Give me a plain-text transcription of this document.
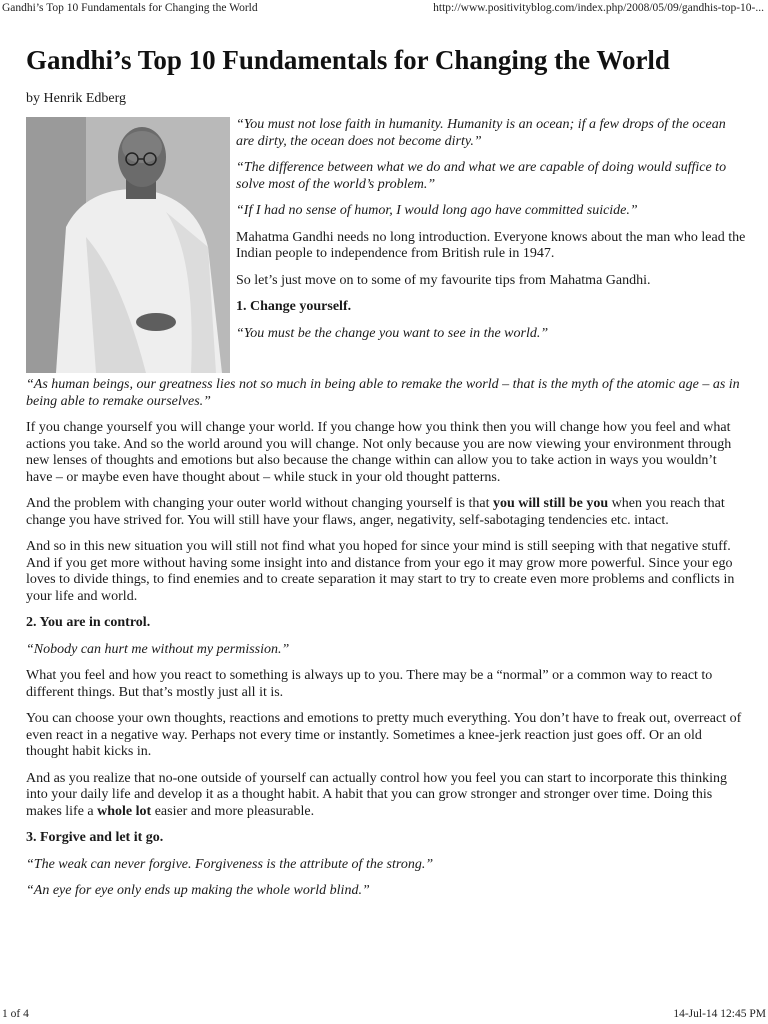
Gandhi’s Top 10 Fundamentals for Changing the World	http://www.positivityblog.com/index.php/2008/05/09/gandhis-top-10-...
Gandhi’s Top 10 Fundamentals for Changing the World
by Henrik Edberg

“You must not lose faith in humanity. Humanity is an ocean; if a few drops of the ocean are dirty, the ocean does not become dirty.”

“The difference between what we do and what we are capable of doing would suffice to solve most of the world’s problem.”

“If I had no sense of humor, I would long ago have committed suicide.”

Mahatma Gandhi needs no long introduction. Everyone knows about the man who lead the Indian people to independence from British rule in 1947.

So let’s just move on to some of my favourite tips from Mahatma Gandhi.

1. Change yourself.

“You must be the change you want to see in the world.”

“As human beings, our greatness lies not so much in being able to remake the world – that is the myth of the atomic age – as in being able to remake ourselves.”

If you change yourself you will change your world. If you change how you think then you will change how you feel and what actions you take. And so the world around you will change. Not only because you are now viewing your environment through new lenses of thoughts and emotions but also because the change within can allow you to take action in ways you wouldn’t have – or maybe even have thought about – while stuck in your old thought patterns.

And the problem with changing your outer world without changing yourself is that you will still be you when you reach that change you have strived for. You will still have your flaws, anger, negativity, self-sabotaging tendencies etc. intact.

And so in this new situation you will still not find what you hoped for since your mind is still seeping with that negative stuff. And if you get more without having some insight into and distance from your ego it may grow more powerful. Since your ego loves to divide things, to find enemies and to create separation it may start to try to create even more problems and conflicts in your life and world.

2. You are in control.

“Nobody can hurt me without my permission.”

What you feel and how you react to something is always up to you. There may be a “normal” or a common way to react to different things. But that’s mostly just all it is.

You can choose your own thoughts, reactions and emotions to pretty much everything. You don’t have to freak out, overreact of even react in a negative way. Perhaps not every time or instantly. Sometimes a knee-jerk reaction just goes off. Or an old thought habit kicks in.

And as you realize that no-one outside of yourself can actually control how you feel you can start to incorporate this thinking into your daily life and develop it as a thought habit. A habit that you can grow stronger and stronger over time. Doing this makes life a whole lot easier and more pleasurable.

3. Forgive and let it go.

“The weak can never forgive. Forgiveness is the attribute of the strong.”

“An eye for eye only ends up making the whole world blind.”

1 of 4	14-Jul-14 12:45 PM
